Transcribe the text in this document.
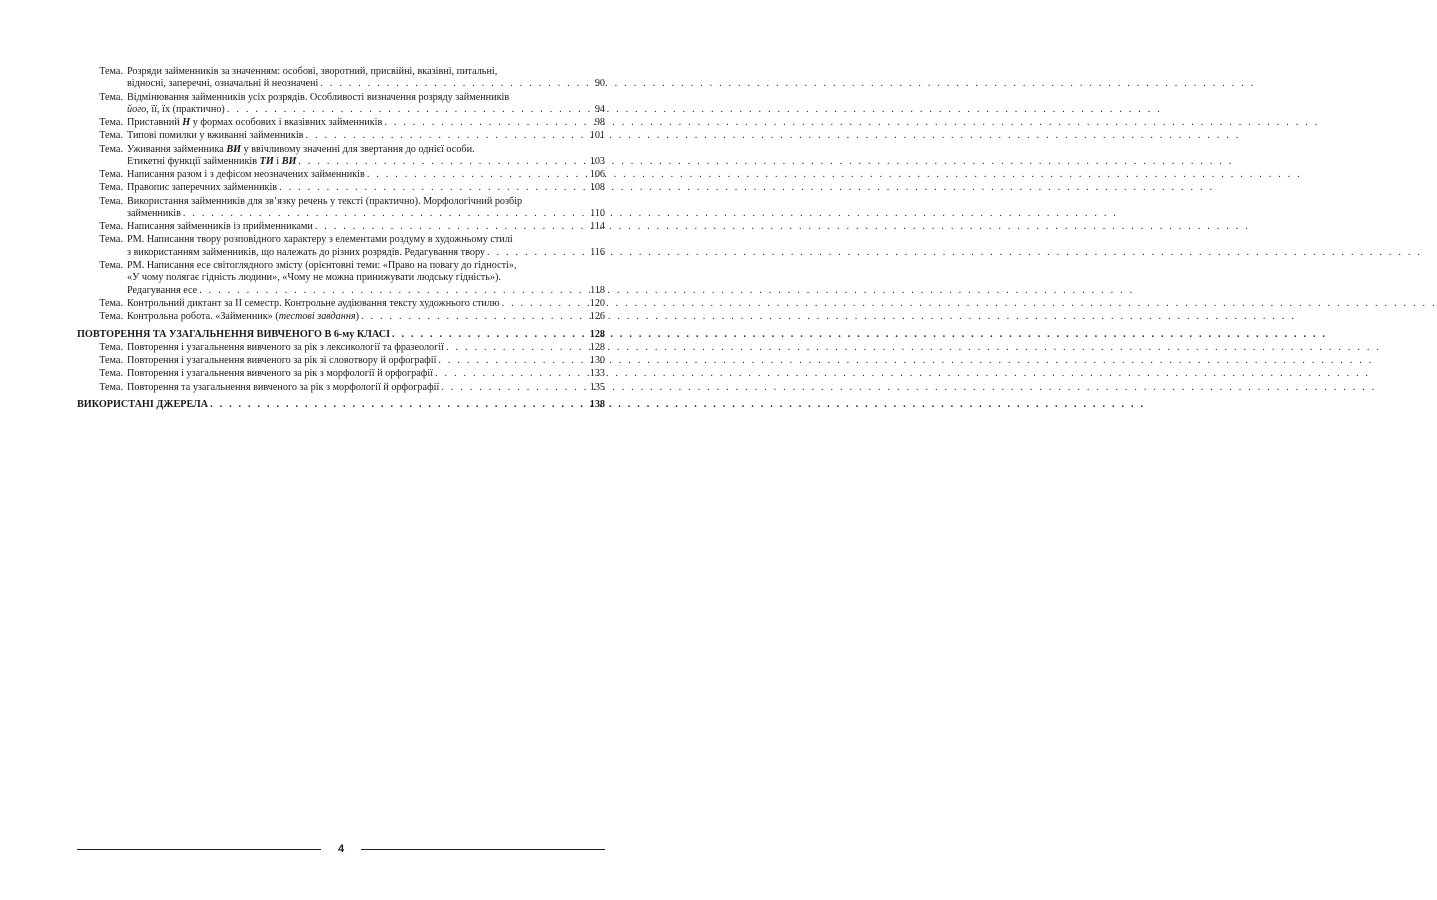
Тема. Розряди займенників за значенням: особові, зворотний, присвійні, вказівні, питальні,
відносні, заперечні, означальні й неозначені . . .	90
Тема. Відмінювання займенників усіх розрядів. Особливості визначення розряду займенників
його, її, їх (практично) . . .	94
Тема. Приставний Н у формах особових і вказівних займенників . . .	98
Тема. Типові помилки у вживанні займенників . . .	101
Тема. Уживання займенника ВИ у ввічливому значенні для звертання до однієї особи.
Етикетні функції займенників ТИ і ВИ . . .	103
Тема. Написання разом і з дефісом неозначених займенників . . .	106
Тема. Правопис заперечних займенників . . .	108
Тема. Використання займенників для зв’язку речень у тексті (практично). Морфологічний розбір
займенників . . .	110
Тема. Написання займенників із прийменниками . . .	114
Тема. РМ. Написання твору розповідного характеру з елементами роздуму в художньому стилі
з використанням займенників, що належать до різних розрядів. Редагування твору . . .	116
Тема. РМ. Написання есе світоглядного змісту (орієнтовні теми: «Право на повагу до гідності»,
«У чому полягає гідність людини», «Чому не можна принижувати людську гідність»).
Редагування есе . . .	118
Тема. Контрольний диктант за ІІ семестр. Контрольне аудіювання тексту художнього стилю . . .	120
Тема. Контрольна робота. «Займенник» (тестові завдання) . . .	126
ПОВТОРЕННЯ ТА УЗАГАЛЬНЕННЯ ВИВЧЕНОГО В 6-му КЛАСІ . . .	128
Тема. Повторення і узагальнення вивченого за рік з лексикології та фразеології . . .	128
Тема. Повторення і узагальнення вивченого за рік зі словотвору й орфографії . . .	130
Тема. Повторення і узагальнення вивченого за рік з морфології й орфографії . . .	133
Тема. Повторення та узагальнення вивченого за рік з морфології й орфографії . . .	135
ВИКОРИСТАНІ ДЖЕРЕЛА . . .	138
4
